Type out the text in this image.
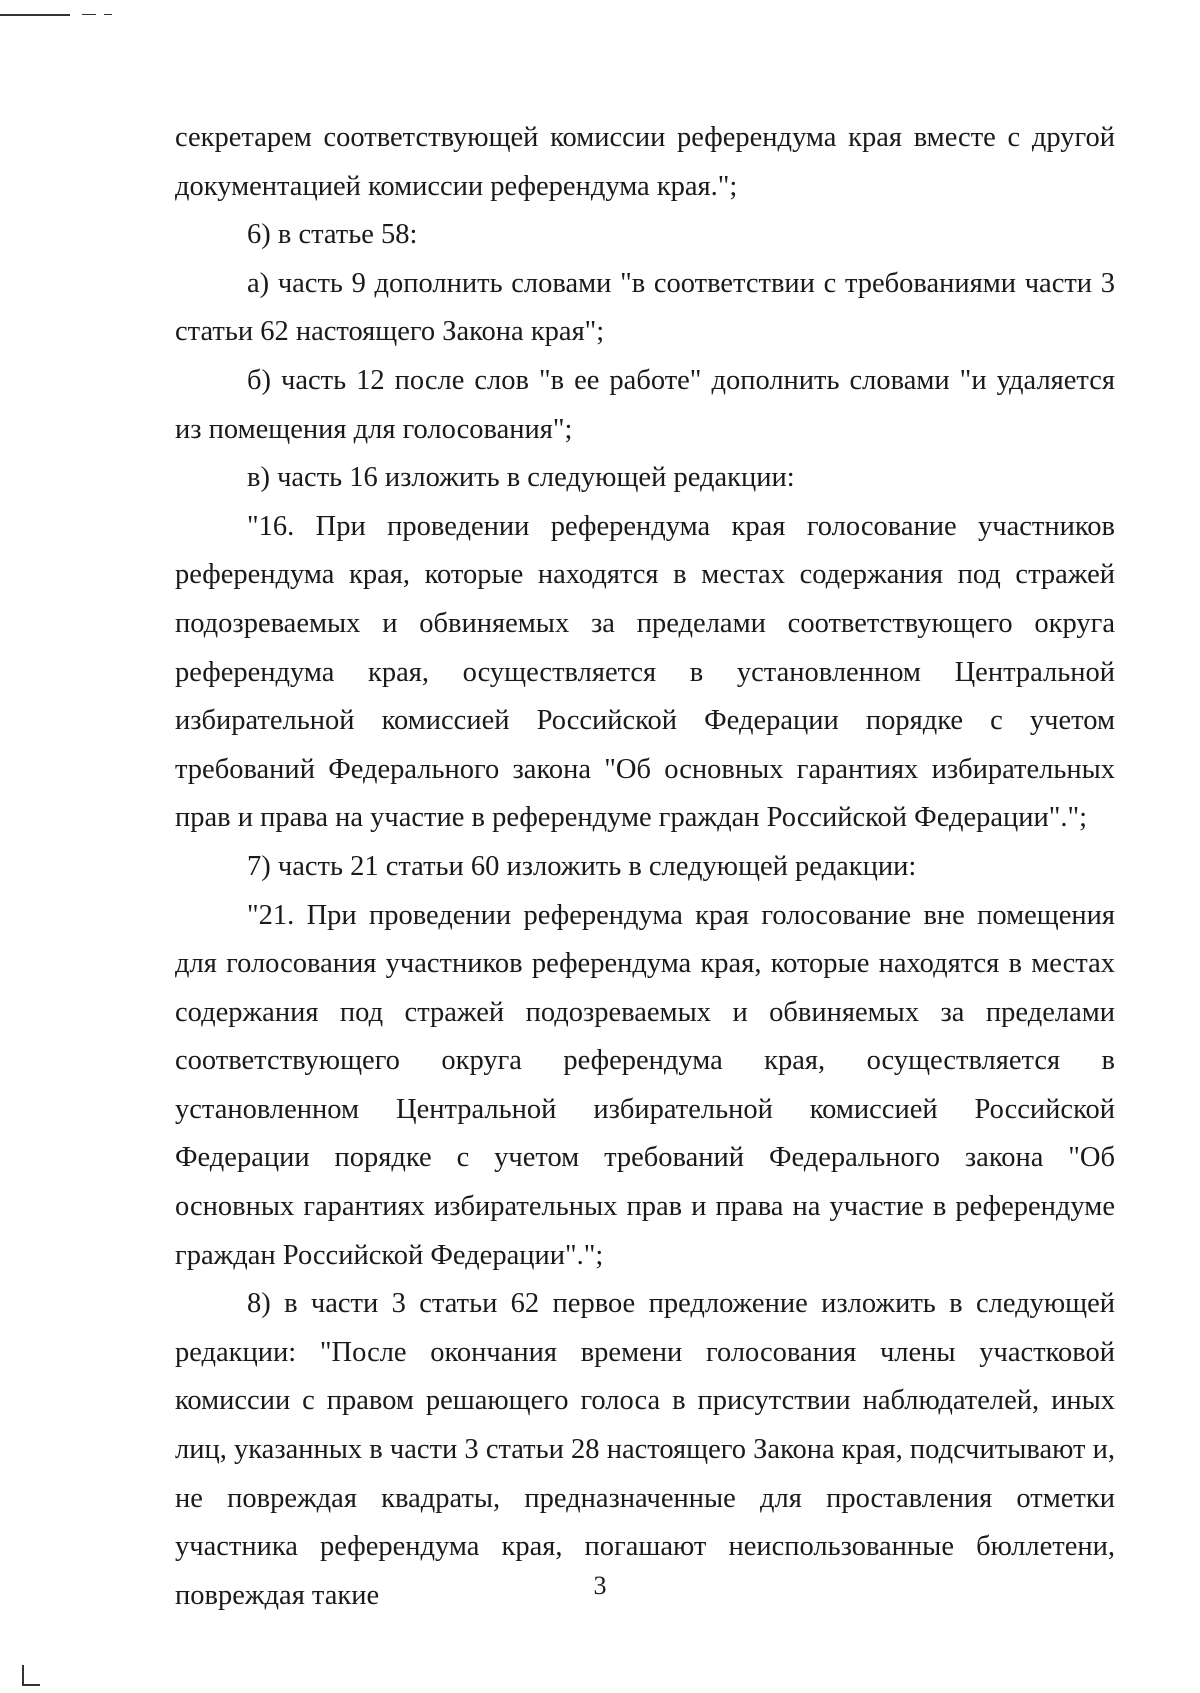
секретарем соответствующей комиссии референдума края вместе с другой документацией комиссии референдума края.";

6) в статье 58:

а) часть 9 дополнить словами "в соответствии с требованиями части 3 статьи 62 настоящего Закона края";

б) часть 12 после слов "в ее работе" дополнить словами "и удаляется из помещения для голосования";

в) часть 16 изложить в следующей редакции:

"16. При проведении референдума края голосование участников референдума края, которые находятся в местах содержания под стражей подозреваемых и обвиняемых за пределами соответствующего округа референдума края, осуществляется в установленном Центральной избирательной комиссией Российской Федерации порядке с учетом требований Федерального закона "Об основных гарантиях избирательных прав и права на участие в референдуме граждан Российской Федерации".";

7) часть 21 статьи 60 изложить в следующей редакции:

"21. При проведении референдума края голосование вне помещения для голосования участников референдума края, которые находятся в местах содержания под стражей подозреваемых и обвиняемых за пределами соответствующего округа референдума края, осуществляется в установленном Центральной избирательной комиссией Российской Федерации порядке с учетом требований Федерального закона "Об основных гарантиях избирательных прав и права на участие в референдуме граждан Российской Федерации".";

8) в части 3 статьи 62 первое предложение изложить в следующей редакции: "После окончания времени голосования члены участковой комиссии с правом решающего голоса в присутствии наблюдателей, иных лиц, указанных в части 3 статьи 28 настоящего Закона края, подсчитывают и, не повреждая квадраты, предназначенные для проставления отметки участника референдума края, погашают неиспользованные бюллетени, повреждая такие	3
